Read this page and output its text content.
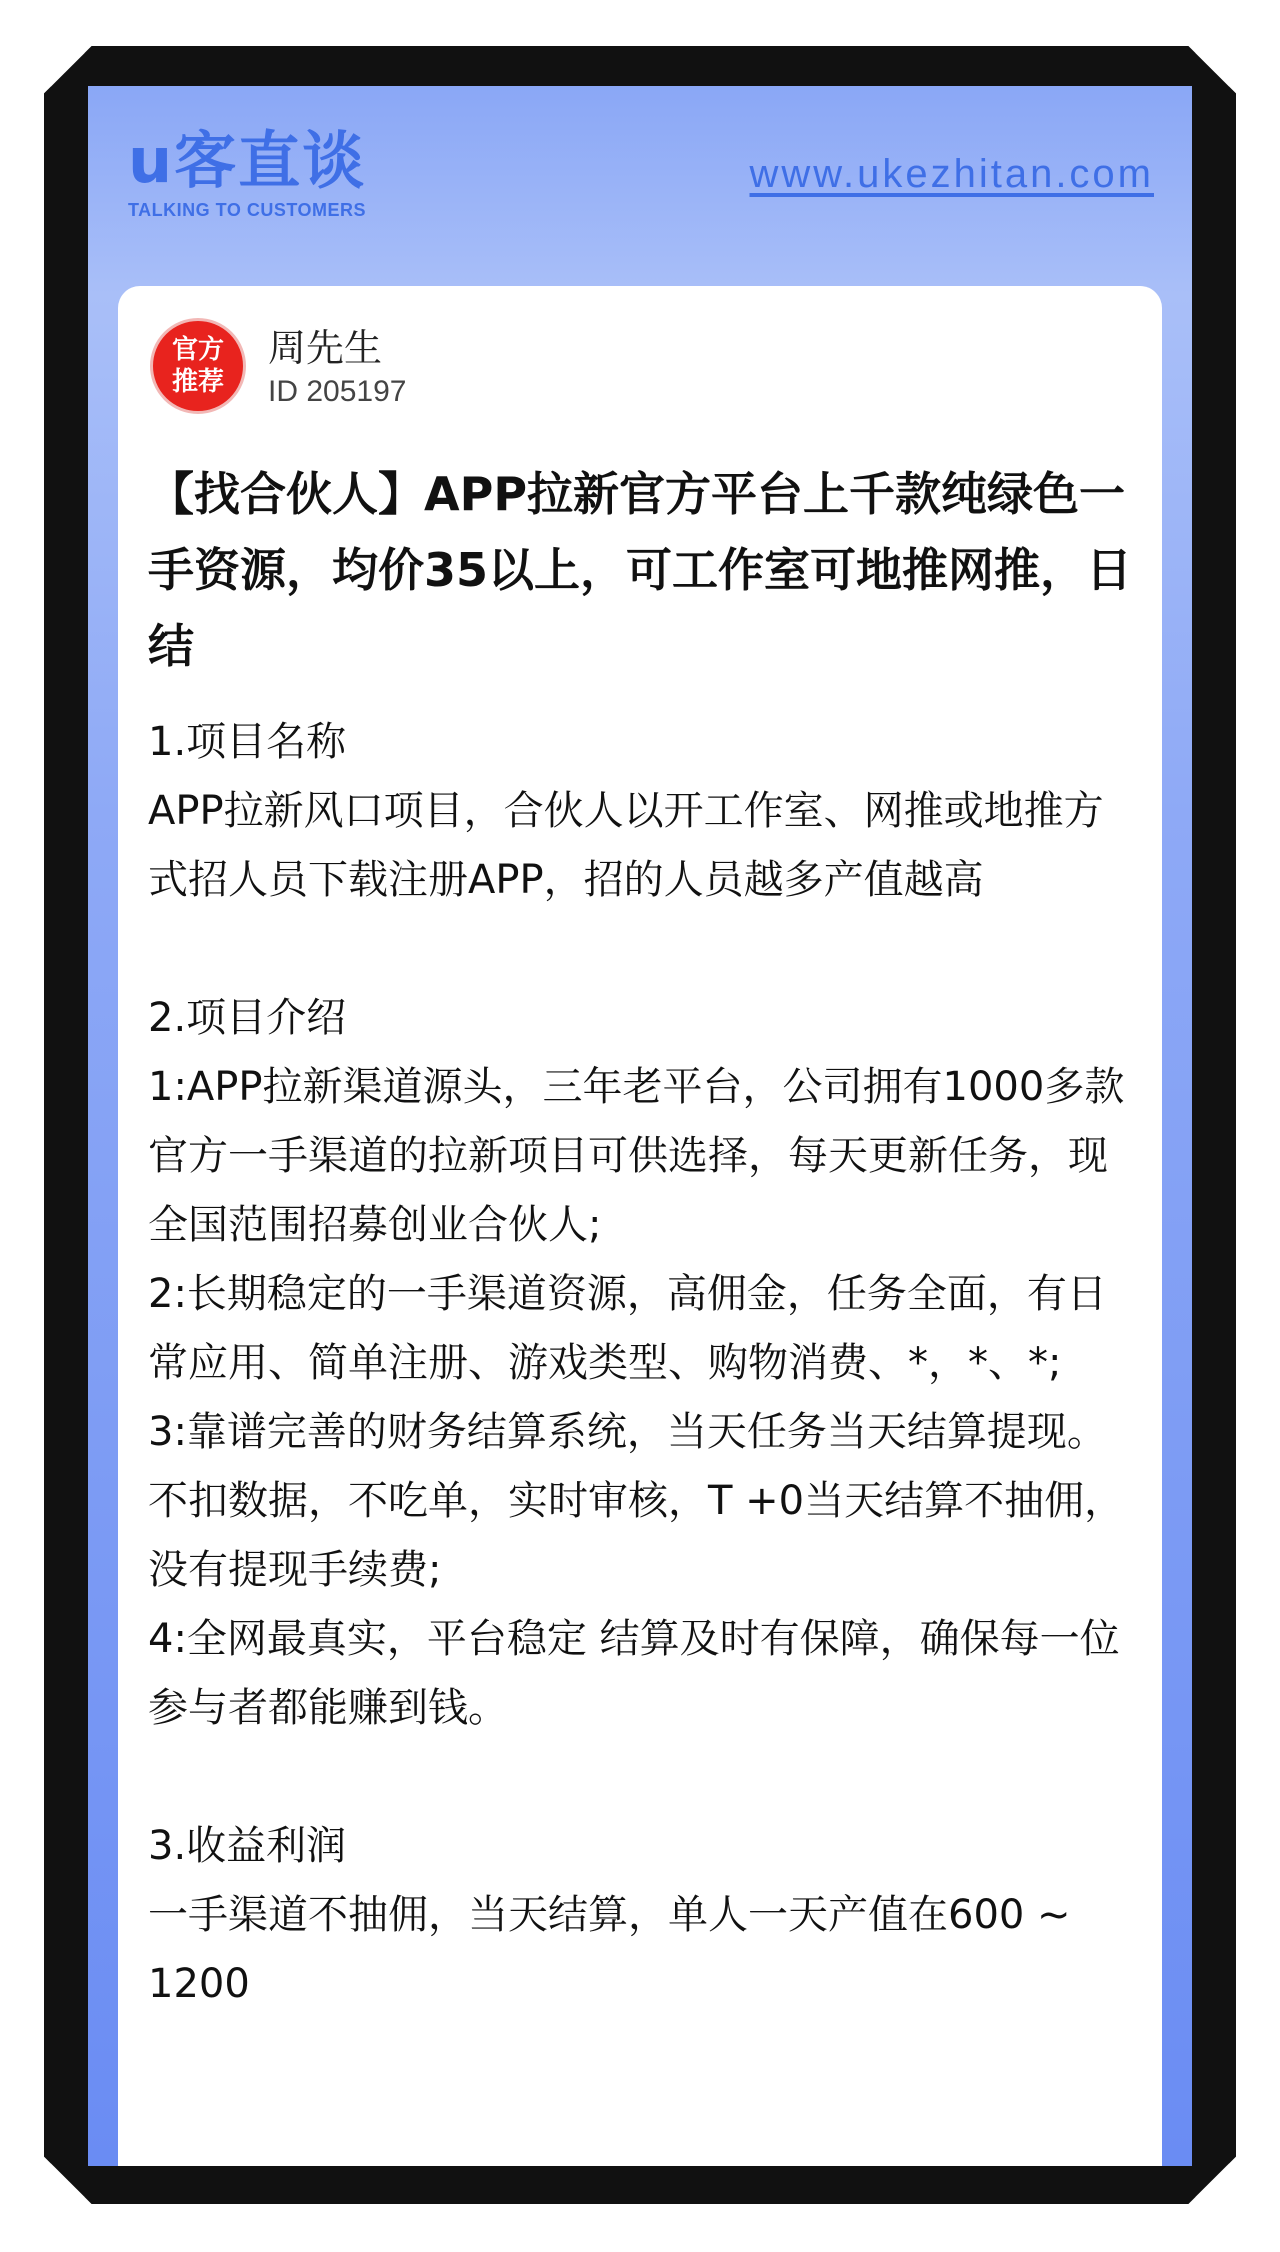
u客直谈
TALKING TO CUSTOMERS
www.ukezhitan.com
官方推荐
周先生
ID 205197
【找合伙人】APP拉新官方平台上千款纯绿色一手资源，均价35以上，可工作室可地推网推，日结

1.项目名称

APP拉新风口项目，合伙人以开工作室、网推或地推方式招人员下载注册APP，招的人员越多产值越高

2.项目介绍

1:APP拉新渠道源头，三年老平台，公司拥有1000多款官方一手渠道的拉新项目可供选择，每天更新任务，现全国范围招募创业合伙人;

2:长期稳定的一手渠道资源，高佣金，任务全面，有日常应用、简单注册、游戏类型、购物消费、*，*、*;

3:靠谱完善的财务结算系统，当天任务当天结算提现。不扣数据，不吃单，实时审核，T +0当天结算不抽佣，没有提现手续费;

4:全网最真实，平台稳定 结算及时有保障，确保每一位参与者都能赚到钱。

3.收益利润

一手渠道不抽佣，当天结算，单人一天产值在600 ~ 1200
